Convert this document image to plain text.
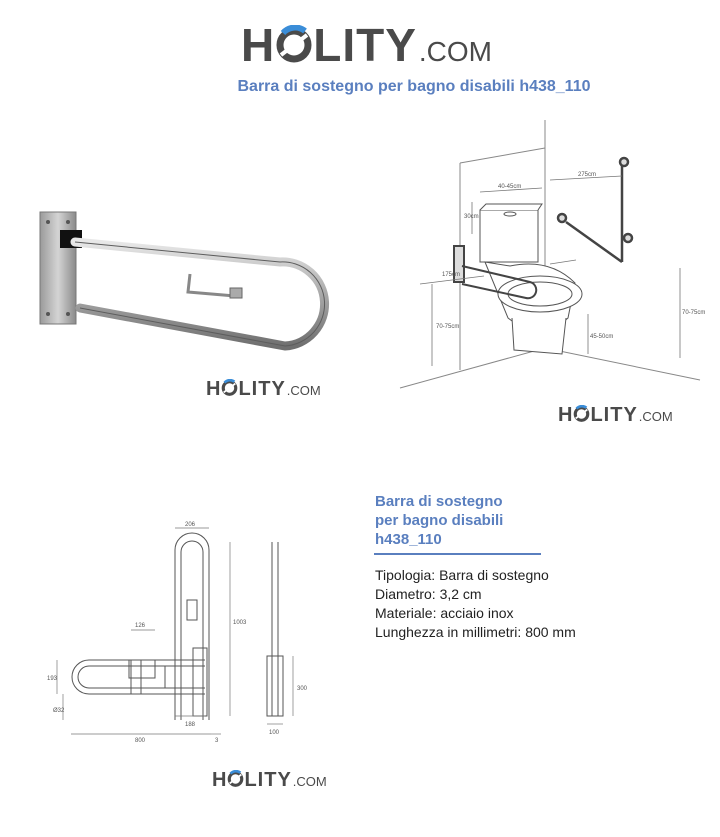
H LITY .COM
Barra di sostegno per bagno disabili h438_110
H LITY .COM
40-45cm
275cm
30cm
175cm
70-75cm
70-75cm
45-50cm
H LITY .COM
206
1003
126
193
Ø32
188
800	3
300
100
H LITY .COM
Barra di sostegno
per bagno disabili
h438_110
Tipologia: Barra di sostegno
Diametro: 3,2 cm
Materiale: acciaio inox
Lunghezza in millimetri: 800 mm
